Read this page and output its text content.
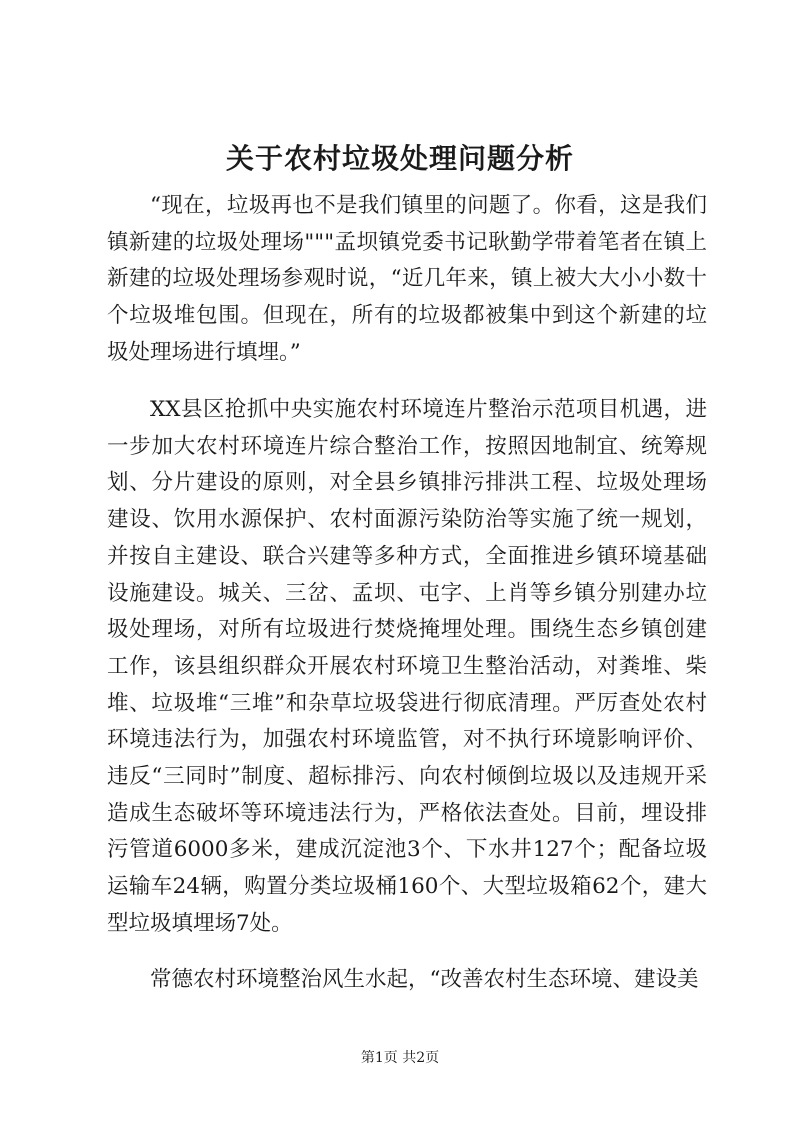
关于农村垃圾处理问题分析

“现在，垃圾再也不是我们镇里的问题了。你看，这是我们镇新建的垃圾处理场"""孟坝镇党委书记耿勤学带着笔者在镇上新建的垃圾处理场参观时说，“近几年来，镇上被大大小小数十个垃圾堆包围。但现在，所有的垃圾都被集中到这个新建的垃圾处理场进行填埋。”

XX县区抢抓中央实施农村环境连片整治示范项目机遇，进一步加大农村环境连片综合整治工作，按照因地制宜、统筹规划、分片建设的原则，对全县乡镇排污排洪工程、垃圾处理场建设、饮用水源保护、农村面源污染防治等实施了统一规划，并按自主建设、联合兴建等多种方式，全面推进乡镇环境基础设施建设。城关、三岔、孟坝、屯字、上肖等乡镇分别建办垃圾处理场，对所有垃圾进行焚烧掩埋处理。围绕生态乡镇创建工作，该县组织群众开展农村环境卫生整治活动，对粪堆、柴堆、垃圾堆“三堆”和杂草垃圾袋进行彻底清理。严厉查处农村环境违法行为，加强农村环境监管，对不执行环境影响评价、违反“三同时”制度、超标排污、向农村倾倒垃圾以及违规开采造成生态破坏等环境违法行为，严格依法查处。目前，埋设排污管道6000多米，建成沉淀池3个、下水井127个；配备垃圾运输车24辆，购置分类垃圾桶160个、大型垃圾箱62个，建大型垃圾填埋场7处。

常德农村环境整治风生水起，“改善农村生态环境、建设美

第1页 共2页
